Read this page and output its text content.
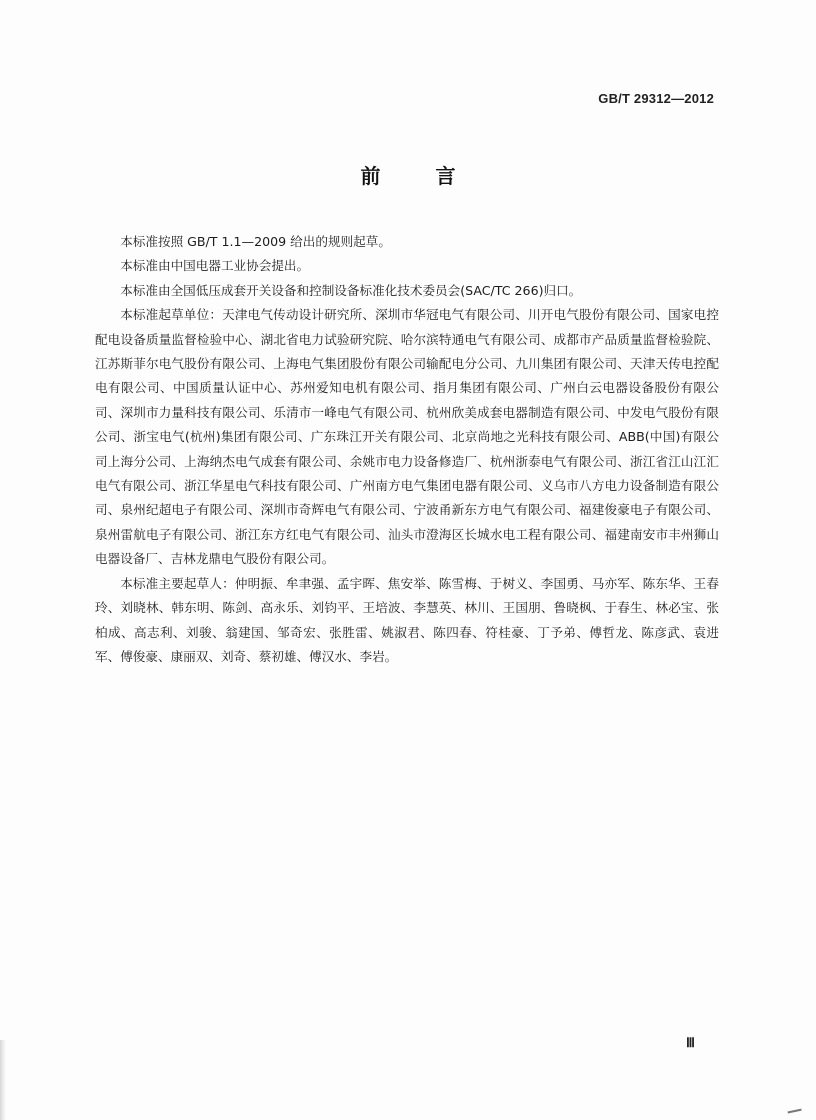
GB/T 29312—2012
前 言

本标准按照 GB/T 1.1—2009 给出的规则起草。

本标准由中国电器工业协会提出。

本标准由全国低压成套开关设备和控制设备标准化技术委员会(SAC/TC 266)归口。

本标准起草单位：天津电气传动设计研究所、深圳市华冠电气有限公司、川开电气股份有限公司、国家电控配电设备质量监督检验中心、湖北省电力试验研究院、哈尔滨特通电气有限公司、成都市产品质量监督检验院、江苏斯菲尔电气股份有限公司、上海电气集团股份有限公司输配电分公司、九川集团有限公司、天津天传电控配电有限公司、中国质量认证中心、苏州爱知电机有限公司、指月集团有限公司、广州白云电器设备股份有限公司、深圳市力量科技有限公司、乐清市一峰电气有限公司、杭州欣美成套电器制造有限公司、中发电气股份有限公司、浙宝电气(杭州)集团有限公司、广东珠江开关有限公司、北京尚地之光科技有限公司、ABB(中国)有限公司上海分公司、上海纳杰电气成套有限公司、余姚市电力设备修造厂、杭州浙泰电气有限公司、浙江省江山江汇电气有限公司、浙江华星电气科技有限公司、广州南方电气集团电器有限公司、义乌市八方电力设备制造有限公司、泉州纪超电子有限公司、深圳市奇辉电气有限公司、宁波甬新东方电气有限公司、福建俊豪电子有限公司、泉州雷航电子有限公司、浙江东方红电气有限公司、汕头市澄海区长城水电工程有限公司、福建南安市丰州狮山电器设备厂、吉林龙鼎电气股份有限公司。

本标准主要起草人：仲明振、牟聿强、孟宇晖、焦安举、陈雪梅、于树义、李国勇、马亦军、陈东华、王春玲、刘晓林、韩东明、陈剑、高永乐、刘钧平、王培波、李慧英、林川、王国朋、鲁晓枫、于春生、林必宝、张柏成、高志利、刘骏、翁建国、邹奇宏、张胜雷、姚淑君、陈四春、符桂豪、丁予弟、傅哲龙、陈彦武、袁进军、傅俊豪、康丽双、刘奇、蔡初雄、傅汉水、李岩。

Ⅲ
